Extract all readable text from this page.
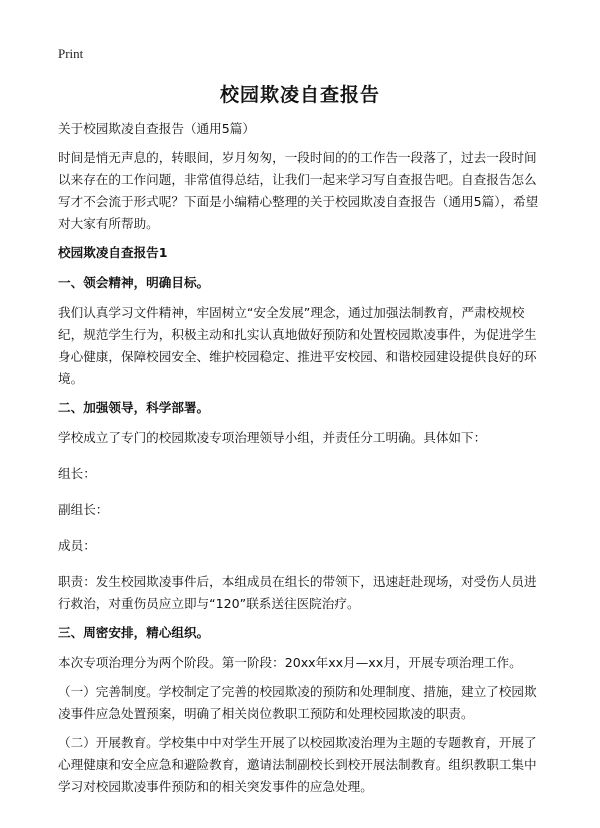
Print
校园欺凌自查报告

关于校园欺凌自查报告（通用5篇）

时间是悄无声息的，转眼间，岁月匆匆，一段时间的的工作告一段落了，过去一段时间以来存在的工作问题，非常值得总结，让我们一起来学习写自查报告吧。自查报告怎么写才不会流于形式呢？下面是小编精心整理的关于校园欺凌自查报告（通用5篇），希望对大家有所帮助。

校园欺凌自查报告1

一、领会精神，明确目标。

我们认真学习文件精神，牢固树立“安全发展”理念，通过加强法制教育，严肃校规校纪，规范学生行为，积极主动和扎实认真地做好预防和处置校园欺凌事件，为促进学生身心健康，保障校园安全、维护校园稳定、推进平安校园、和谐校园建设提供良好的环境。

二、加强领导，科学部署。

学校成立了专门的校园欺凌专项治理领导小组，并责任分工明确。具体如下：

组长：

副组长：

成员：

职责：发生校园欺凌事件后，本组成员在组长的带领下，迅速赶赴现场，对受伤人员进行救治，对重伤员应立即与“120”联系送往医院治疗。

三、周密安排，精心组织。

本次专项治理分为两个阶段。第一阶段：20xx年xx月—xx月，开展专项治理工作。

（一）完善制度。学校制定了完善的校园欺凌的预防和处理制度、措施，建立了校园欺凌事件应急处置预案，明确了相关岗位教职工预防和处理校园欺凌的职责。

（二）开展教育。学校集中中对学生开展了以校园欺凌治理为主题的专题教育，开展了心理健康和安全应急和避险教育，邀请法制副校长到校开展法制教育。组织教职工集中学习对校园欺凌事件预防和的相关突发事件的应急处理。
